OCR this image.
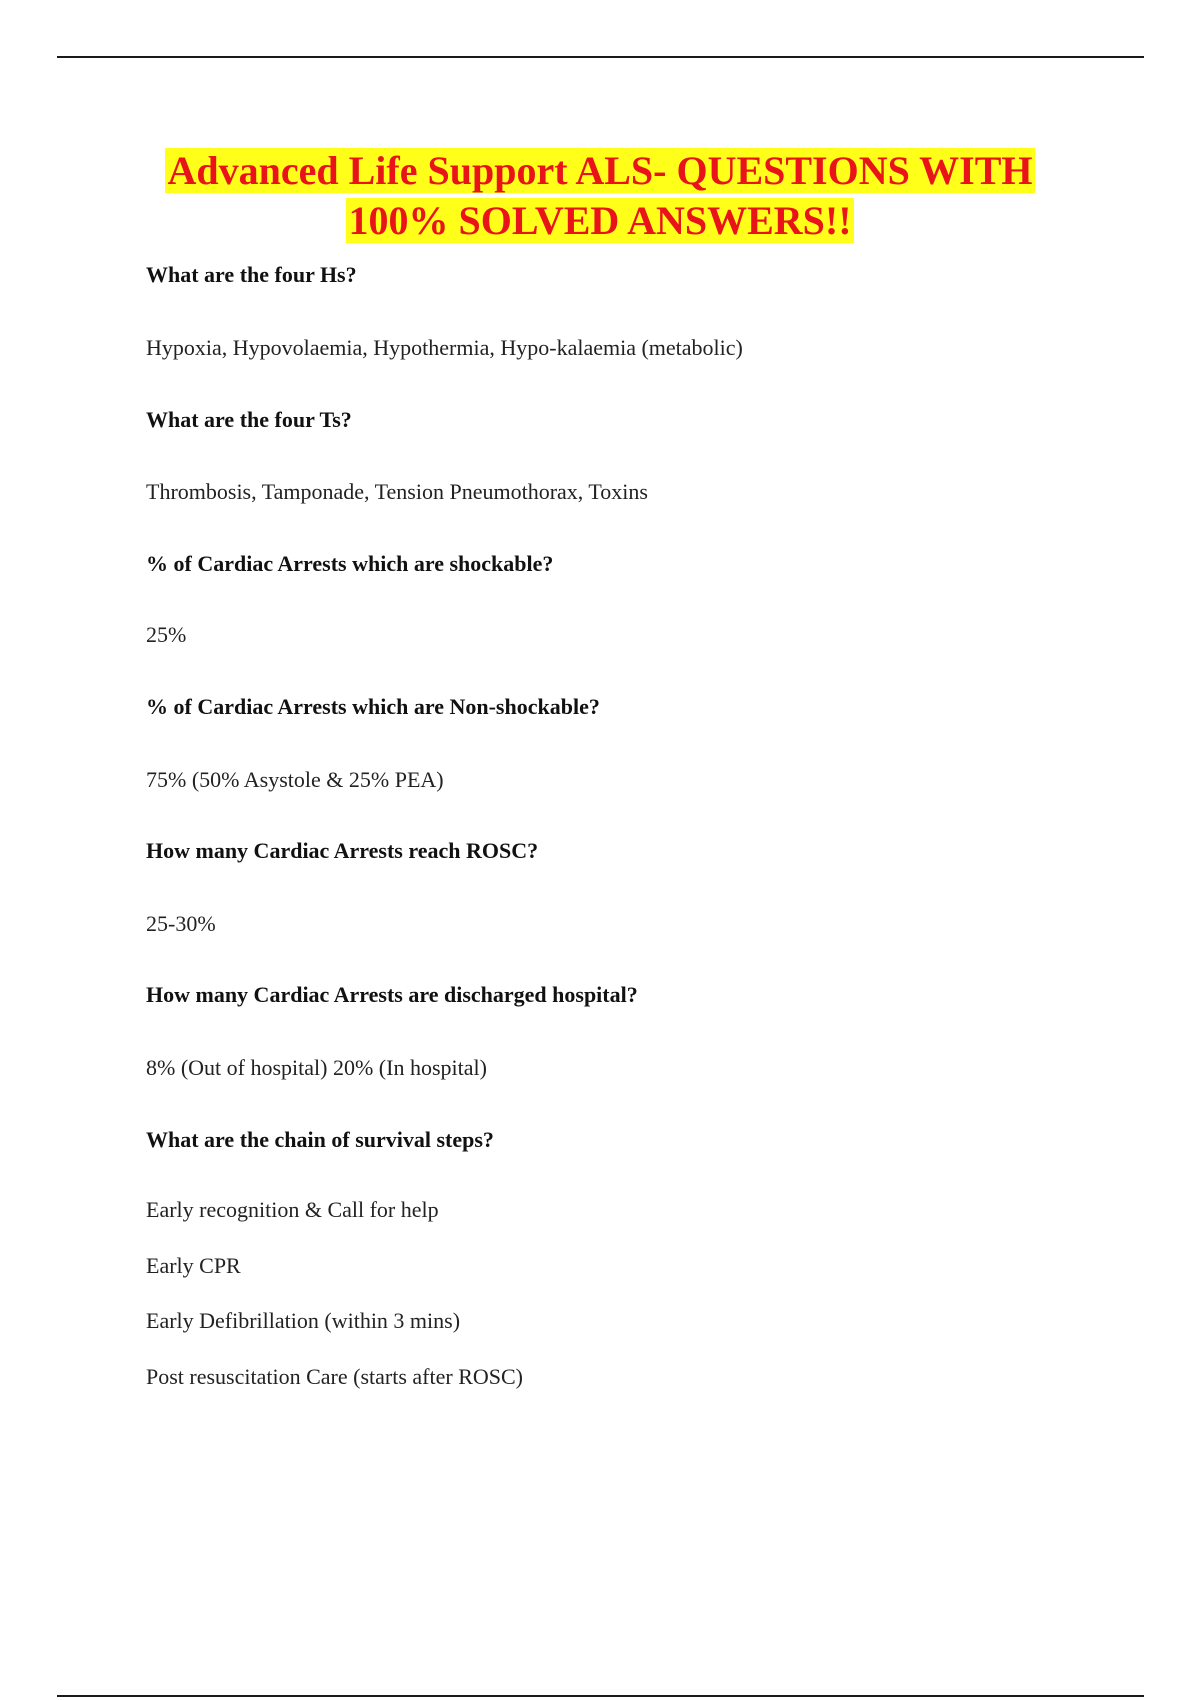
Advanced Life Support ALS- QUESTIONS WITH
100% SOLVED ANSWERS!!
What are the four Hs?
Hypoxia, Hypovolaemia, Hypothermia, Hypo-kalaemia (metabolic)
What are the four Ts?
Thrombosis, Tamponade, Tension Pneumothorax, Toxins
% of Cardiac Arrests which are shockable?
25%
% of Cardiac Arrests which are Non-shockable?
75% (50% Asystole & 25% PEA)
How many Cardiac Arrests reach ROSC?
25-30%
How many Cardiac Arrests are discharged hospital?
8% (Out of hospital) 20% (In hospital)
What are the chain of survival steps?
Early recognition & Call for help
Early CPR
Early Defibrillation (within 3 mins)
Post resuscitation Care (starts after ROSC)
